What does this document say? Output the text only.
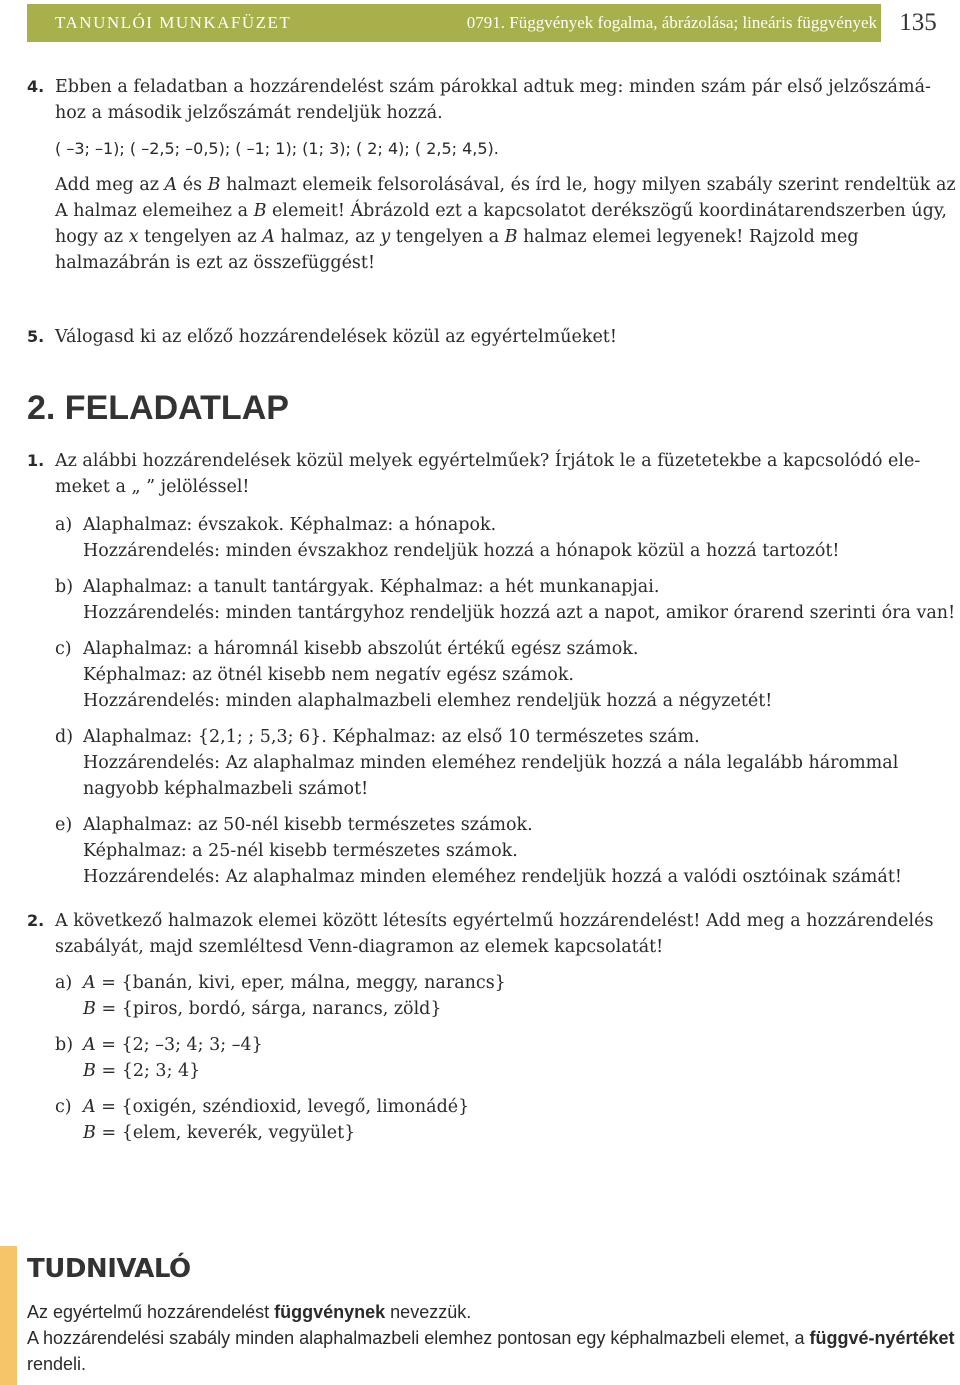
TANUNLÓI MUNKAFÜZET	0791. Függvények fogalma, ábrázolása; lineáris függvények 135
4. Ebben a feladatban a hozzárendelést szám párokkal adtuk meg: minden szám pár első jelzőszámá-hoz a második jelzőszámát rendeljük hozzá.

( –3; –1); ( –2,5; –0,5); ( –1; 1); (1; 3); ( 2; 4); ( 2,5; 4,5).

Add meg az A és B halmazt elemeik felsorolásával, és írd le, hogy milyen szabály szerint rendeltük az A halmaz elemeihez a B elemeit! Ábrázold ezt a kapcsolatot derékszögű koordinátarendszerben úgy, hogy az x tengelyen az A halmaz, az y tengelyen a B halmaz elemei legyenek! Rajzold meg halmazábrán is ezt az összefüggést!

5. Válogasd ki az előző hozzárendelések közül az egyértelműeket!

2. FELADATLAP
1. Az alábbi hozzárendelések közül melyek egyértelműek? Írjátok le a füzetetekbe a kapcsolódó ele-meket a „ ” jelöléssel!

a) Alaphalmaz: évszakok. Képhalmaz: a hónapok.

Hozzárendelés: minden évszakhoz rendeljük hozzá a hónapok közül a hozzá tartozót!

b) Alaphalmaz: a tanult tantárgyak. Képhalmaz: a hét munkanapjai.

Hozzárendelés: minden tantárgyhoz rendeljük hozzá azt a napot, amikor órarend szerinti óra van!

c) Alaphalmaz: a háromnál kisebb abszolút értékű egész számok.

Képhalmaz: az ötnél kisebb nem negatív egész számok.

Hozzárendelés: minden alaphalmazbeli elemhez rendeljük hozzá a négyzetét!

d) Alaphalmaz: {2,1; ; 5,3; 6}. Képhalmaz: az első 10 természetes szám.

Hozzárendelés: Az alaphalmaz minden eleméhez rendeljük hozzá a nála legalább hárommal nagyobb képhalmazbeli számot!

e) Alaphalmaz: az 50-nél kisebb természetes számok.

Képhalmaz: a 25-nél kisebb természetes számok.

Hozzárendelés: Az alaphalmaz minden eleméhez rendeljük hozzá a valódi osztóinak számát!

2. A következő halmazok elemei között létesíts egyértelmű hozzárendelést! Add meg a hozzárendelés szabályát, majd szemléltesd Venn-diagramon az elemek kapcsolatát!

a) A = {banán, kivi, eper, málna, meggy, narancs}

B = {piros, bordó, sárga, narancs, zöld}

b) A = {2; –3; 4; 3; –4}

B = {2; 3; 4}

c) A = {oxigén, széndioxid, levegő, limonádé}

B = {elem, keverék, vegyület}

TUDNIVALÓ

Az egyértelmű hozzárendelést függvénynek nevezzük.

A hozzárendelési szabály minden alaphalmazbeli elemhez pontosan egy képhalmazbeli elemet, a függvé-nyértéket rendeli.
